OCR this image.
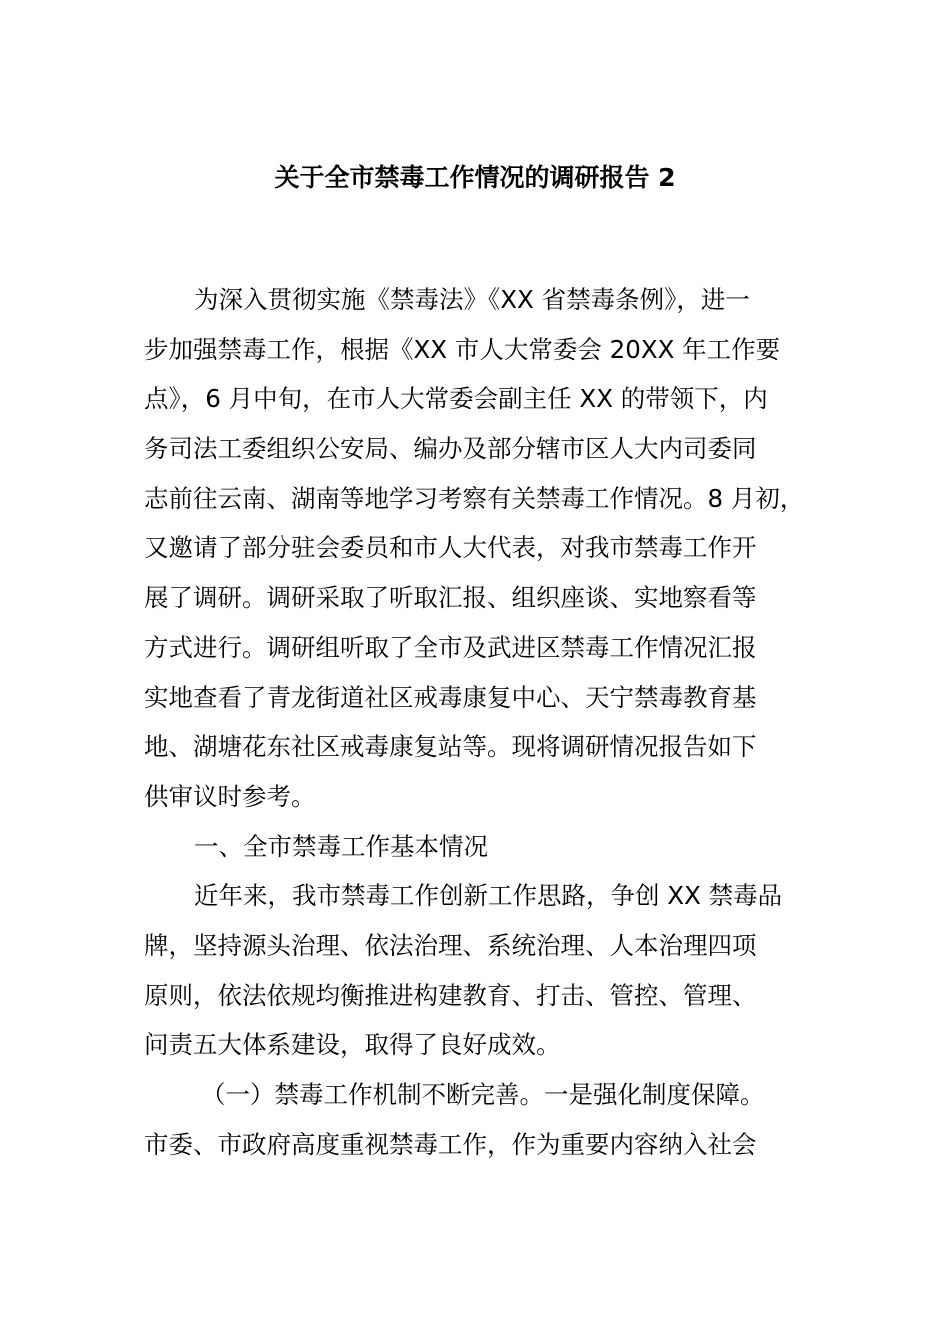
关于全市禁毒工作情况的调研报告 2

为深入贯彻实施《禁毒法》《XX 省禁毒条例》，进一

步加强禁毒工作，根据《XX 市人大常委会 20XX 年工作要

点》，6 月中旬，在市人大常委会副主任 XX 的带领下，内

务司法工委组织公安局、编办及部分辖市区人大内司委同

志前往云南、湖南等地学习考察有关禁毒工作情况。8 月初，

又邀请了部分驻会委员和市人大代表，对我市禁毒工作开

展了调研。调研采取了听取汇报、组织座谈、实地察看等

方式进行。调研组听取了全市及武进区禁毒工作情况汇报

实地查看了青龙街道社区戒毒康复中心、天宁禁毒教育基

地、湖塘花东社区戒毒康复站等。现将调研情况报告如下

供审议时参考。

一、全市禁毒工作基本情况

近年来，我市禁毒工作创新工作思路，争创 XX 禁毒品

牌，坚持源头治理、依法治理、系统治理、人本治理四项

原则，依法依规均衡推进构建教育、打击、管控、管理、

问责五大体系建设，取得了良好成效。

（一）禁毒工作机制不断完善。一是强化制度保障。

市委、市政府高度重视禁毒工作，作为重要内容纳入社会
